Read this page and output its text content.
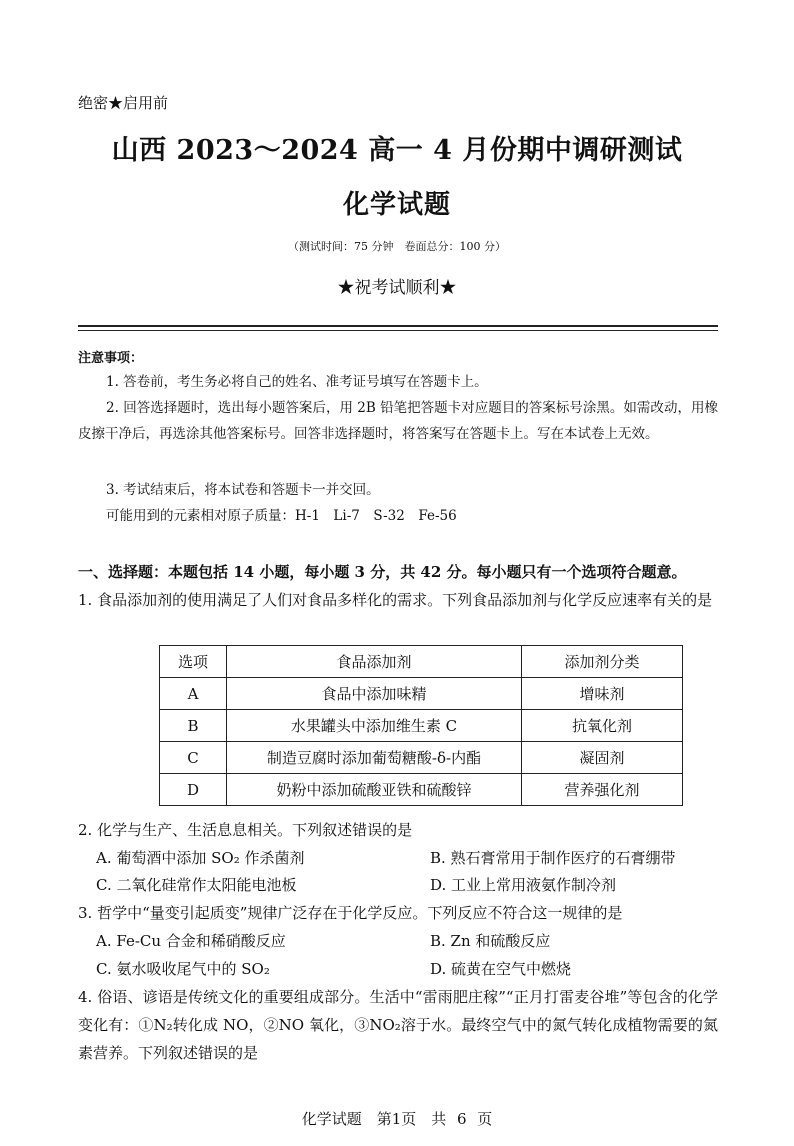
绝密★启用前
山西 2023～2024 高一 4 月份期中调研测试
化学试题
（测试时间：75 分钟　卷面总分：100 分）
★祝考试顺利★
注意事项：
1. 答卷前，考生务必将自己的姓名、准考证号填写在答题卡上。
2. 回答选择题时，选出每小题答案后，用 2B 铅笔把答题卡对应题目的答案标号涂黑。如需改动，用橡皮擦干净后，再选涂其他答案标号。回答非选择题时，将答案写在答题卡上。写在本试卷上无效。
3. 考试结束后，将本试卷和答题卡一并交回。
可能用到的元素相对原子质量：H-1　Li-7　S-32　Fe-56
一、选择题：本题包括 14 小题，每小题 3 分，共 42 分。每小题只有一个选项符合题意。
1. 食品添加剂的使用满足了人们对食品多样化的需求。下列食品添加剂与化学反应速率有关的是
选项	食品添加剂	添加剂分类
A	食品中添加味精	增味剂
B	水果罐头中添加维生素 C	抗氧化剂
C	制造豆腐时添加葡萄糖酸-δ-内酯	凝固剂
D	奶粉中添加硫酸亚铁和硫酸锌	营养强化剂
2. 化学与生产、生活息息相关。下列叙述错误的是
A. 葡萄酒中添加 SO₂ 作杀菌剂	B. 熟石膏常用于制作医疗的石膏绷带
C. 二氧化硅常作太阳能电池板	D. 工业上常用液氨作制冷剂
3. 哲学中“量变引起质变”规律广泛存在于化学反应。下列反应不符合这一规律的是
A. Fe-Cu 合金和稀硝酸反应	B. Zn 和硫酸反应
C. 氨水吸收尾气中的 SO₂	D. 硫黄在空气中燃烧
4. 俗语、谚语是传统文化的重要组成部分。生活中“雷雨肥庄稼”“正月打雷麦谷堆”等包含的化学变化有：①N₂转化成 NO，②NO 氧化，③NO₂溶于水。最终空气中的氮气转化成植物需要的氮素营养。下列叙述错误的是
化学试题　第1页　共 6 页
